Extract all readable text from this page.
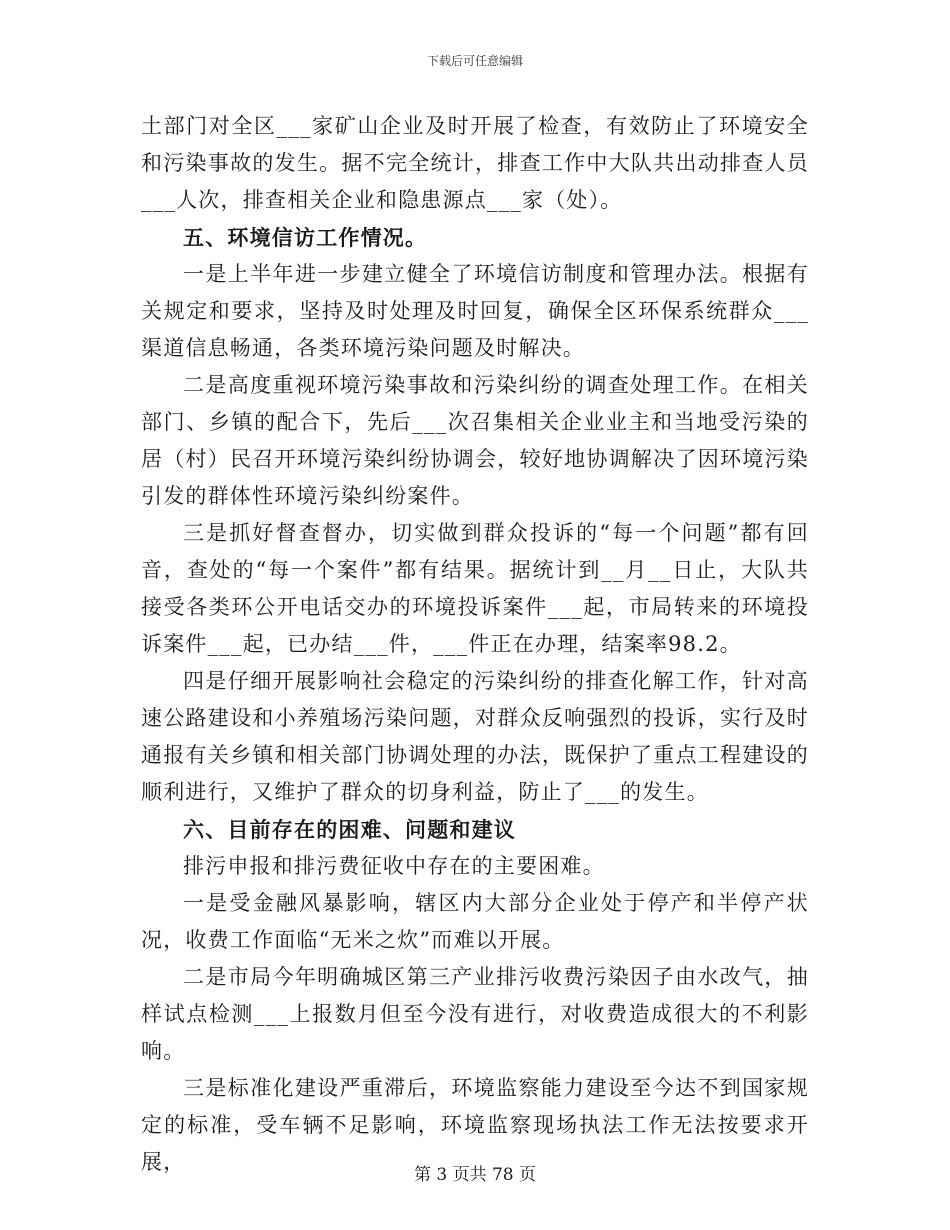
下载后可任意编辑

土部门对全区___家矿山企业及时开展了检查，有效防止了环境安全和污染事故的发生。据不完全统计，排查工作中大队共出动排查人员___人次，排查相关企业和隐患源点___家（处）。

五、环境信访工作情况。

一是上半年进一步建立健全了环境信访制度和管理办法。根据有关规定和要求，坚持及时处理及时回复，确保全区环保系统群众___渠道信息畅通，各类环境污染问题及时解决。

二是高度重视环境污染事故和污染纠纷的调查处理工作。在相关部门、乡镇的配合下，先后___次召集相关企业业主和当地受污染的居（村）民召开环境污染纠纷协调会，较好地协调解决了因环境污染引发的群体性环境污染纠纷案件。

三是抓好督查督办，切实做到群众投诉的“每一个问题”都有回音，查处的“每一个案件”都有结果。据统计到__月__日止，大队共接受各类环公开电话交办的环境投诉案件___起，市局转来的环境投诉案件___起，已办结___件，___件正在办理，结案率98.2。

四是仔细开展影响社会稳定的污染纠纷的排查化解工作，针对高速公路建设和小养殖场污染问题，对群众反响强烈的投诉，实行及时通报有关乡镇和相关部门协调处理的办法，既保护了重点工程建设的顺利进行，又维护了群众的切身利益，防止了___的发生。

六、目前存在的困难、问题和建议

排污申报和排污费征收中存在的主要困难。

一是受金融风暴影响，辖区内大部分企业处于停产和半停产状况，收费工作面临“无米之炊”而难以开展。

二是市局今年明确城区第三产业排污收费污染因子由水改气，抽样试点检测___上报数月但至今没有进行，对收费造成很大的不利影响。

三是标准化建设严重滞后，环境监察能力建设至今达不到国家规定的标准，受车辆不足影响，环境监察现场执法工作无法按要求开展，

第 3 页共 78 页
